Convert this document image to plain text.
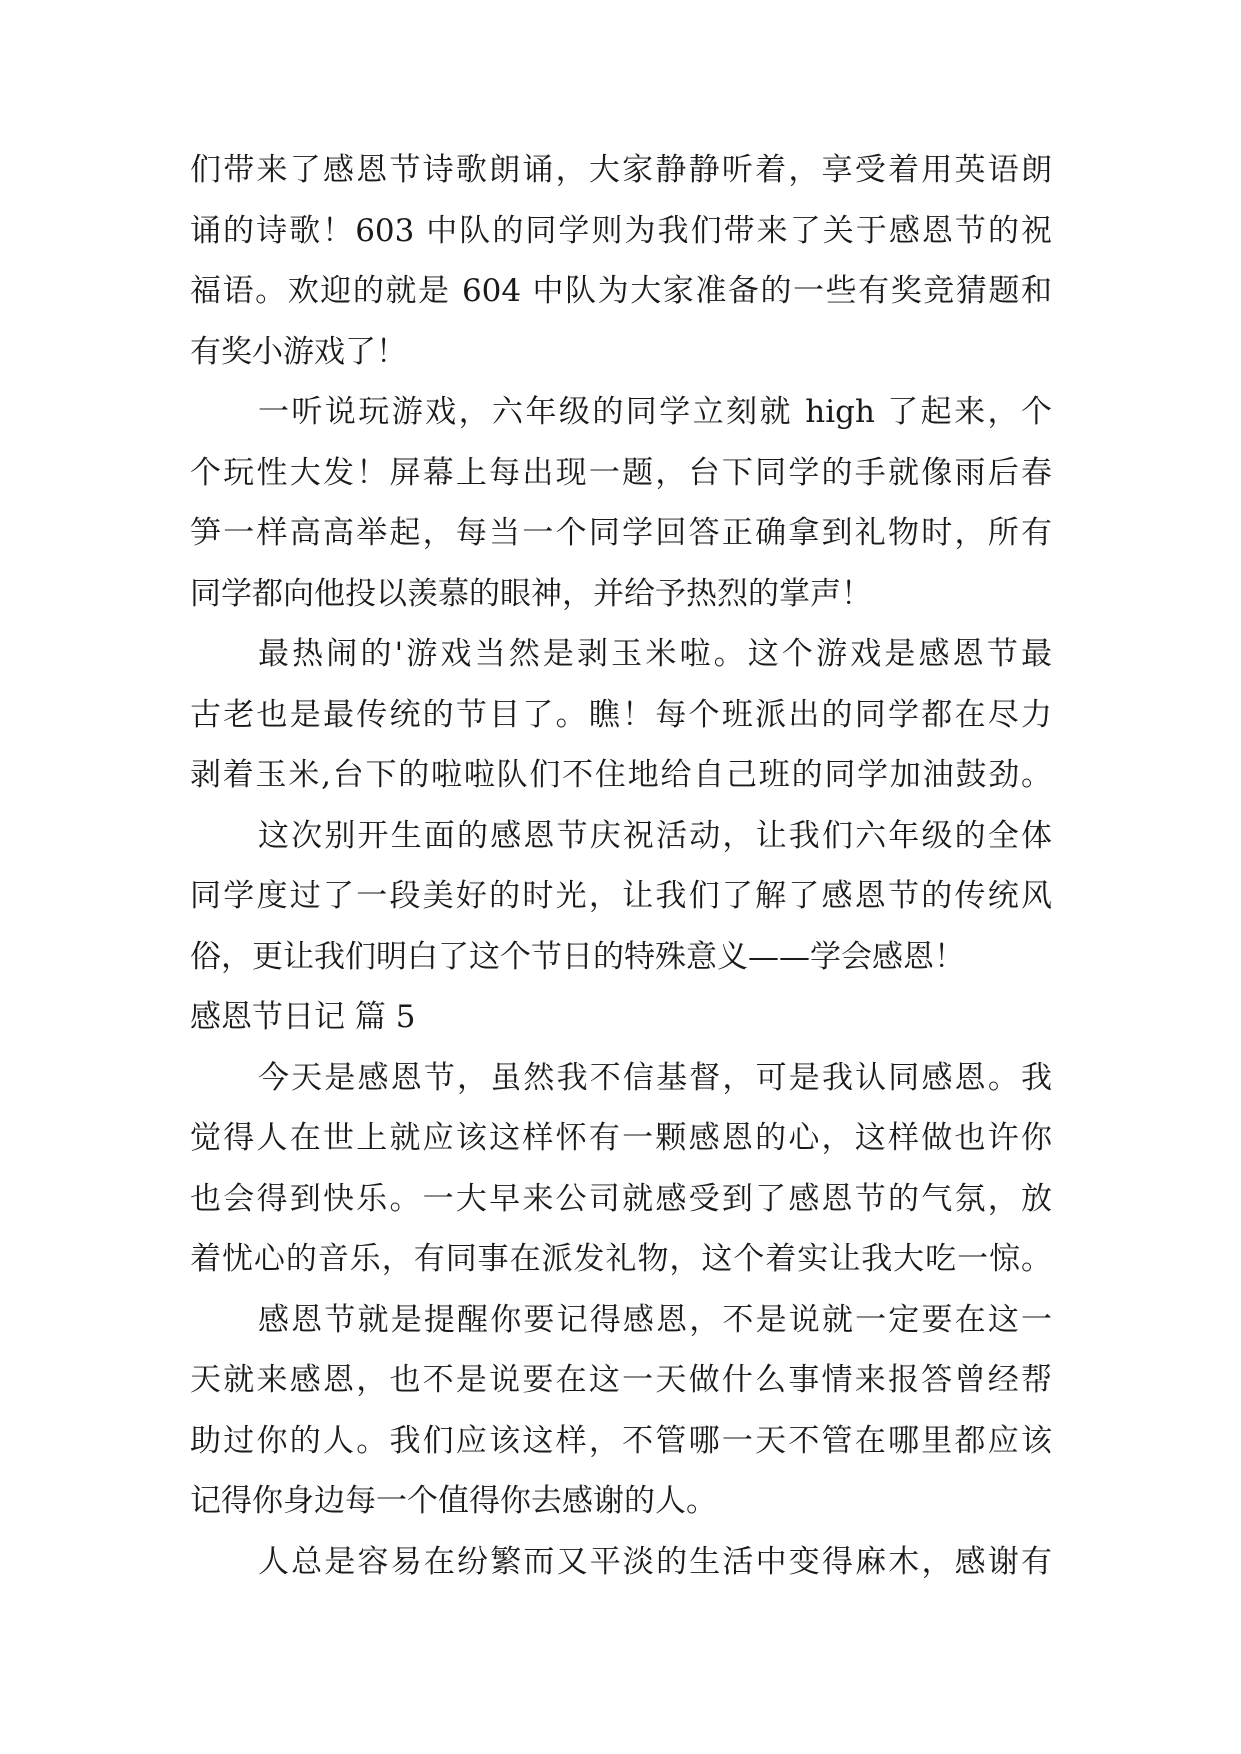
们带来了感恩节诗歌朗诵，大家静静听着，享受着用英语朗
诵的诗歌！603 中队的同学则为我们带来了关于感恩节的祝
福语。欢迎的就是 604 中队为大家准备的一些有奖竞猜题和
有奖小游戏了！
一听说玩游戏，六年级的同学立刻就 high 了起来，个
个玩性大发！屏幕上每出现一题，台下同学的手就像雨后春
笋一样高高举起，每当一个同学回答正确拿到礼物时，所有
同学都向他投以羡慕的眼神，并给予热烈的掌声！
最热闹的'游戏当然是剥玉米啦。这个游戏是感恩节最
古老也是最传统的节目了。瞧！每个班派出的同学都在尽力
剥着玉米,台下的啦啦队们不住地给自己班的同学加油鼓劲。
这次别开生面的感恩节庆祝活动，让我们六年级的全体
同学度过了一段美好的时光，让我们了解了感恩节的传统风
俗，更让我们明白了这个节日的特殊意义——学会感恩！
感恩节日记 篇 5
今天是感恩节，虽然我不信基督，可是我认同感恩。我
觉得人在世上就应该这样怀有一颗感恩的心，这样做也许你
也会得到快乐。一大早来公司就感受到了感恩节的气氛，放
着忧心的音乐，有同事在派发礼物，这个着实让我大吃一惊。
感恩节就是提醒你要记得感恩，不是说就一定要在这一
天就来感恩，也不是说要在这一天做什么事情来报答曾经帮
助过你的人。我们应该这样，不管哪一天不管在哪里都应该
记得你身边每一个值得你去感谢的人。
人总是容易在纷繁而又平淡的生活中变得麻木，感谢有
